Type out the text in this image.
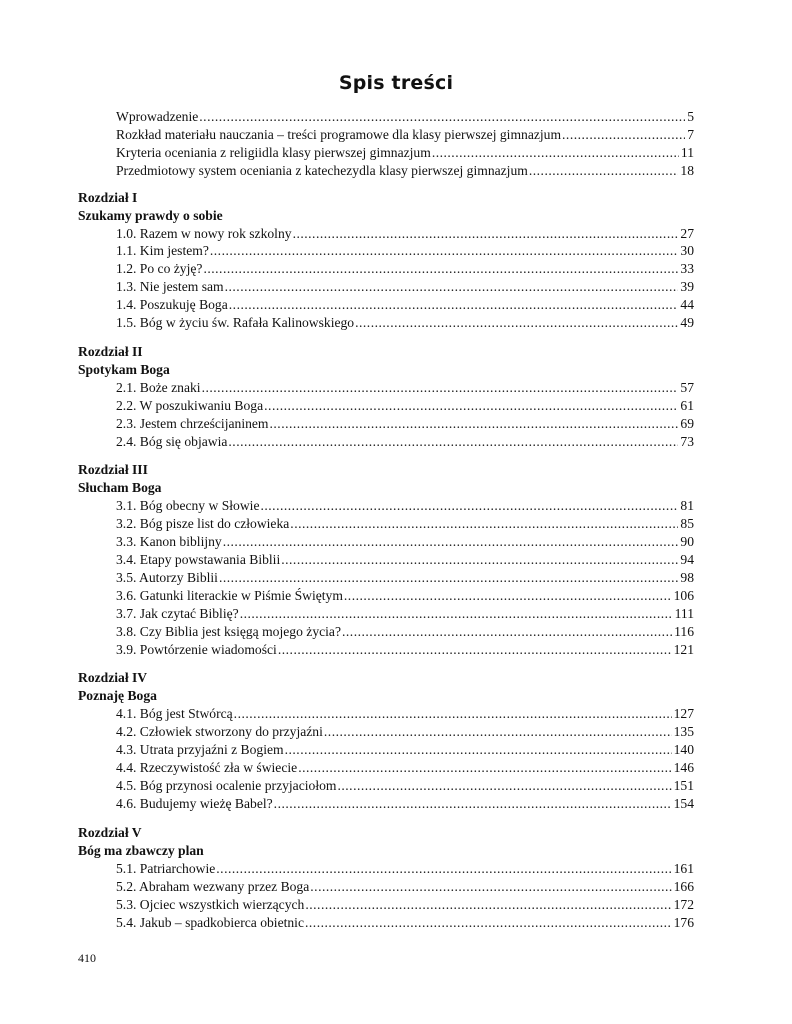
Spis treści
Wprowadzenie .....	5
Rozkład materiału nauczania – treści programowe dla klasy pierwszej gimnazjum .....	7
Kryteria oceniania z religiidla klasy pierwszej gimnazjum .....	11
Przedmiotowy system oceniania z katechezydla klasy pierwszej gimnazjum .....	18
Rozdział I
Szukamy prawdy o sobie
1.0. Razem w nowy rok szkolny .....	27
1.1. Kim jestem? .....	30
1.2. Po co żyję? .....	33
1.3. Nie jestem sam .....	39
1.4. Poszukuję Boga .....	44
1.5. Bóg w życiu św. Rafała Kalinowskiego .....	49
Rozdział II
Spotykam Boga
2.1. Boże znaki .....	57
2.2. W poszukiwaniu Boga .....	61
2.3. Jestem chrześcijaninem .....	69
2.4. Bóg się objawia .....	73
Rozdział III
Słucham Boga
3.1. Bóg obecny w Słowie .....	81
3.2. Bóg pisze list do człowieka .....	85
3.3. Kanon biblijny .....	90
3.4. Etapy powstawania Biblii .....	94
3.5. Autorzy Biblii .....	98
3.6. Gatunki literackie w Piśmie Świętym .....	106
3.7. Jak czytać Biblię? .....	111
3.8. Czy Biblia jest księgą mojego życia? .....	116
3.9. Powtórzenie wiadomości .....	121
Rozdział IV
Poznaję Boga
4.1. Bóg jest Stwórcą .....	127
4.2. Człowiek stworzony do przyjaźni .....	135
4.3. Utrata przyjaźni z Bogiem .....	140
4.4. Rzeczywistość zła w świecie .....	146
4.5. Bóg przynosi ocalenie przyjaciołom .....	151
4.6. Budujemy wieżę Babel? .....	154
Rozdział V
Bóg ma zbawczy plan
5.1. Patriarchowie .....	161
5.2. Abraham wezwany przez Boga .....	166
5.3. Ojciec wszystkich wierzących .....	172
5.4. Jakub – spadkobierca obietnic .....	176
410
